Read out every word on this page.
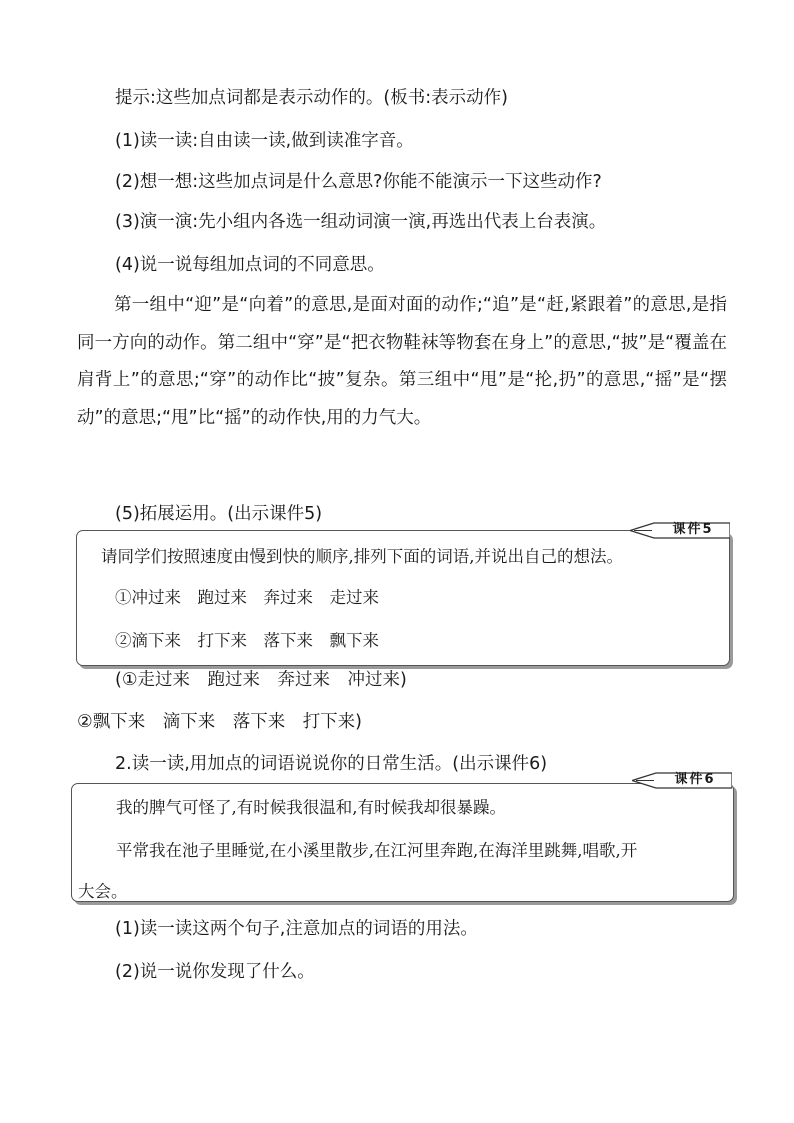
提示:这些加点词都是表示动作的。(板书:表示动作)

(1)读一读:自由读一读,做到读准字音。

(2)想一想:这些加点词是什么意思?你能不能演示一下这些动作?

(3)演一演:先小组内各选一组动词演一演,再选出代表上台表演。

(4)说一说每组加点词的不同意思。

第一组中“迎”是“向着”的意思,是面对面的动作;“追”是“赶,紧跟着”的意思,是指同一方向的动作。第二组中“穿”是“把衣物鞋袜等物套在身上”的意思,“披”是“覆盖在肩背上”的意思;“穿”的动作比“披”复杂。第三组中“甩”是“抡,扔”的意思,“摇”是“摆动”的意思;“甩”比“摇”的动作快,用的力气大。

(5)拓展运用。(出示课件5)

请同学们按照速度由慢到快的顺序,排列下面的词语,并说出自己的想法。

①冲过来　跑过来　奔过来　走过来

②滴下来　打下来　落下来　飘下来

课件5

(①走过来　跑过来　奔过来　冲过来)

②飘下来　滴下来　落下来　打下来)

2.读一读,用加点的词语说说你的日常生活。(出示课件6)

我的脾气可怪了,有时候我很温和,有时候我却很暴躁。

平常我在池子里睡觉,在小溪里散步,在江河里奔跑,在海洋里跳舞,唱歌,开

大会。

课件6

(1)读一读这两个句子,注意加点的词语的用法。

(2)说一说你发现了什么。
